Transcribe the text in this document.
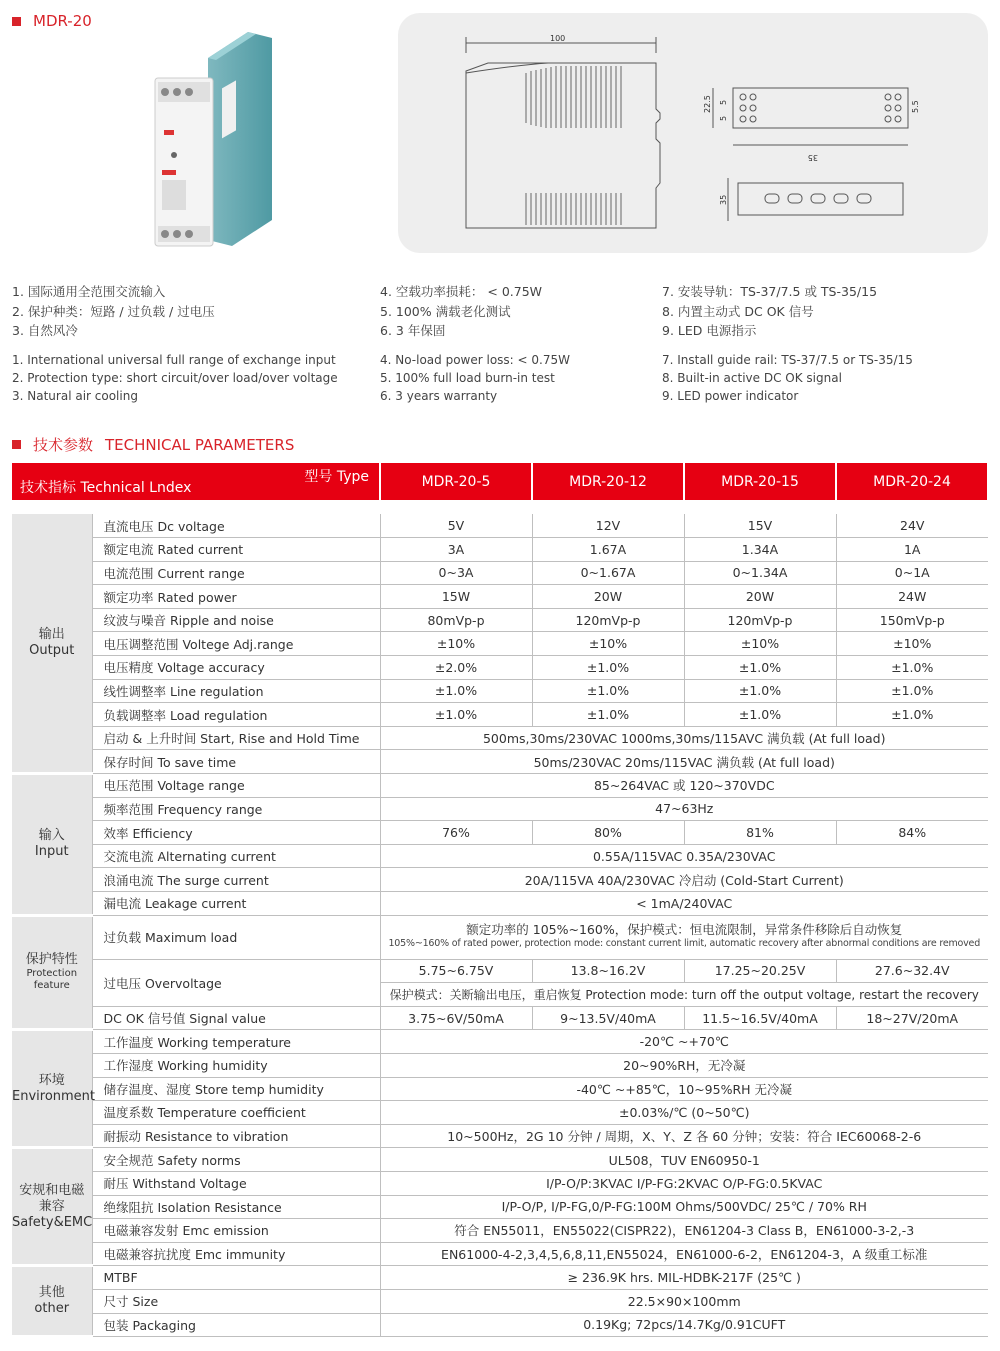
MDR-20
100
22.5 5
5
5.5
35
35
1. 国际通用全范围交流输入
2. 保护种类：短路 / 过负载 / 过电压
3. 自然风冷
4. 空载功率损耗： < 0.75W
5. 100% 满载老化测试
6. 3 年保固
7. 安装导轨：TS-37/7.5 或 TS-35/15
8. 内置主动式 DC OK 信号
9. LED 电源指示
1. International universal full range of exchange input
2. Protection type: short circuit/over load/over voltage
3. Natural air cooling
4. No-load power loss: < 0.75W
5. 100% full load burn-in test
6. 3 years warranty
7. Install guide rail: TS-37/7.5 or TS-35/15
8. Built-in active DC OK signal
9. LED power indicator
技术参数 TECHNICAL PARAMETERS
型号 Type
技术指标 Technical Lndex		MDR-20-5	MDR-20-12	MDR-20-15	MDR-20-24

输出
Output	直流电压 Dc voltage	5V	12V	15V	24V
	额定电流 Rated current	3A	1.67A	1.34A	1A
	电流范围 Current range	0~3A	0~1.67A	0~1.34A	0~1A
	额定功率 Rated power	15W	20W	20W	24W
	纹波与噪音 Ripple and noise	80mVp-p	120mVp-p	120mVp-p	150mVp-p
	电压调整范围 Voltege Adj.range	±10%	±10%	±10%	±10%
	电压精度 Voltage accuracy	±2.0%	±1.0%	±1.0%	±1.0%
	线性调整率 Line regulation	±1.0%	±1.0%	±1.0%	±1.0%
	负载调整率 Load regulation	±1.0%	±1.0%	±1.0%	±1.0%
	启动 & 上升时间 Start, Rise and Hold Time	500ms,30ms/230VAC 1000ms,30ms/115AVC 满负载 (At full load)			
	保存时间 To save time	50ms/230VAC 20ms/115VAC 满负载 (At full load)			

输入
Input	电压范围 Voltage range	85~264VAC 或 120~370VDC			
	频率范围 Frequency range	47~63Hz			
	效率 Efficiency	76%	80%	81%	84%
	交流电流 Alternating current	0.55A/115VAC 0.35A/230VAC			
	浪涌电流 The surge current	20A/115VA 40A/230VAC 冷启动 (Cold-Start Current)			
	漏电流 Leakage current	< 1mA/240VAC			

保护特性
Protection
feature	过负载 Maximum load	额定功率的 105%~160%，保护模式：恒电流限制，异常条件移除后自动恢复
105%~160% of rated power, protection mode: constant current limit, automatic recovery after abnormal conditions are removed			

	过电压 Overvoltage	5.75~6.75V	13.8~16.2V	17.25~20.25V	27.6~32.4V
		保护模式：关断输出电压，重启恢复 Protection mode: turn off the output voltage, restart the recovery			
	DC OK 信号值 Signal value	3.75~6V/50mA	9~13.5V/40mA	11.5~16.5V/40mA	18~27V/20mA

环境
Environment	工作温度 Working temperature	-20℃ ~+70℃			
	工作湿度 Working humidity	20~90%RH，无冷凝			
	储存温度、湿度 Store temp humidity	-40℃ ~+85℃，10~95%RH 无冷凝			
	温度系数 Temperature coefficient	±0.03%/℃ (0~50℃)			
	耐振动 Resistance to vibration	10~500Hz，2G 10 分钟 / 周期，X、Y、Z 各 60 分钟；安装：符合 IEC60068-2-6			

安规和电磁
兼容
Safety&EMC	安全规范 Safety norms	UL508，TUV EN60950-1			
	耐压 Withstand Voltage	I/P-O/P:3KVAC I/P-FG:2KVAC O/P-FG:0.5KVAC			
	绝缘阻抗 Isolation Resistance	I/P-O/P, I/P-FG,0/P-FG:100M Ohms/500VDC/ 25℃ / 70% RH			
	电磁兼容发射 Emc emission	符合 EN55011，EN55022(CISPR22)，EN61204-3 Class B，EN61000-3-2,-3			
	电磁兼容抗扰度 Emc immunity	EN61000-4-2,3,4,5,6,8,11,EN55024，EN61000-6-2，EN61204-3，A 级重工标准			

其他
other	MTBF	≥ 236.9K hrs. MIL-HDBK-217F (25℃ )			
	尺寸 Size	22.5×90×100mm			
	包装 Packaging	0.19Kg; 72pcs/14.7Kg/0.91CUFT			
